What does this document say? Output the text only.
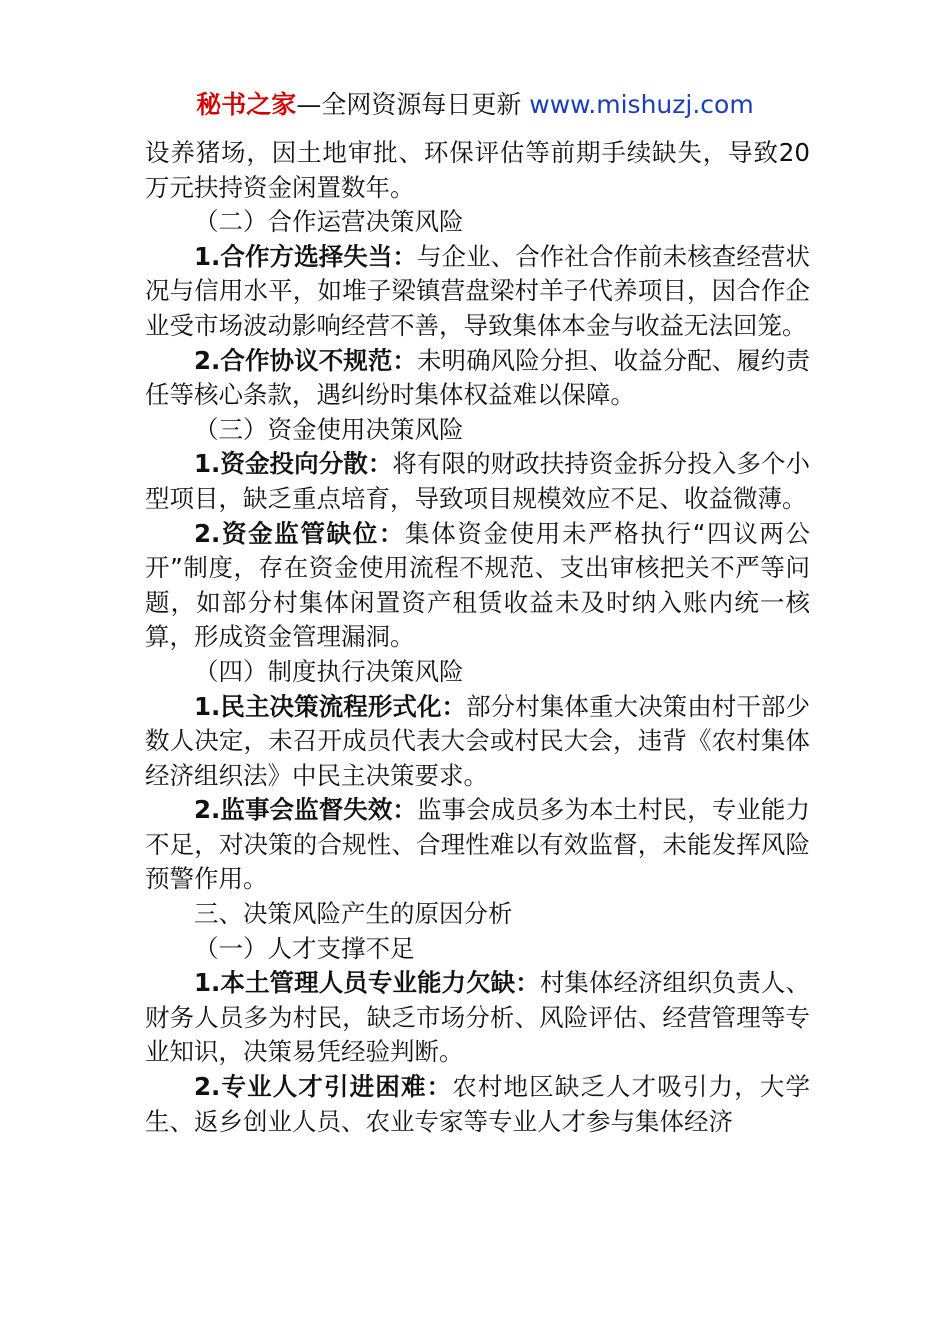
秘书之家—全网资源每日更新 www.mishuzj.com

设养猪场，因土地审批、环保评估等前期手续缺失，导致20万元扶持资金闲置数年。

（二）合作运营决策风险

1.合作方选择失当：与企业、合作社合作前未核查经营状况与信用水平，如堆子梁镇营盘梁村羊子代养项目，因合作企业受市场波动影响经营不善，导致集体本金与收益无法回笼。

2.合作协议不规范：未明确风险分担、收益分配、履约责任等核心条款，遇纠纷时集体权益难以保障。

（三）资金使用决策风险

1.资金投向分散：将有限的财政扶持资金拆分投入多个小型项目，缺乏重点培育，导致项目规模效应不足、收益微薄。

2.资金监管缺位：集体资金使用未严格执行“四议两公开”制度，存在资金使用流程不规范、支出审核把关不严等问题，如部分村集体闲置资产租赁收益未及时纳入账内统一核算，形成资金管理漏洞。

（四）制度执行决策风险

1.民主决策流程形式化：部分村集体重大决策由村干部少数人决定，未召开成员代表大会或村民大会，违背《农村集体经济组织法》中民主决策要求。

2.监事会监督失效：监事会成员多为本土村民，专业能力不足，对决策的合规性、合理性难以有效监督，未能发挥风险预警作用。

三、决策风险产生的原因分析

（一）人才支撑不足

1.本土管理人员专业能力欠缺：村集体经济组织负责人、财务人员多为村民，缺乏市场分析、风险评估、经营管理等专业知识，决策易凭经验判断。

2.专业人才引进困难：农村地区缺乏人才吸引力，大学生、返乡创业人员、农业专家等专业人才参与集体经济
